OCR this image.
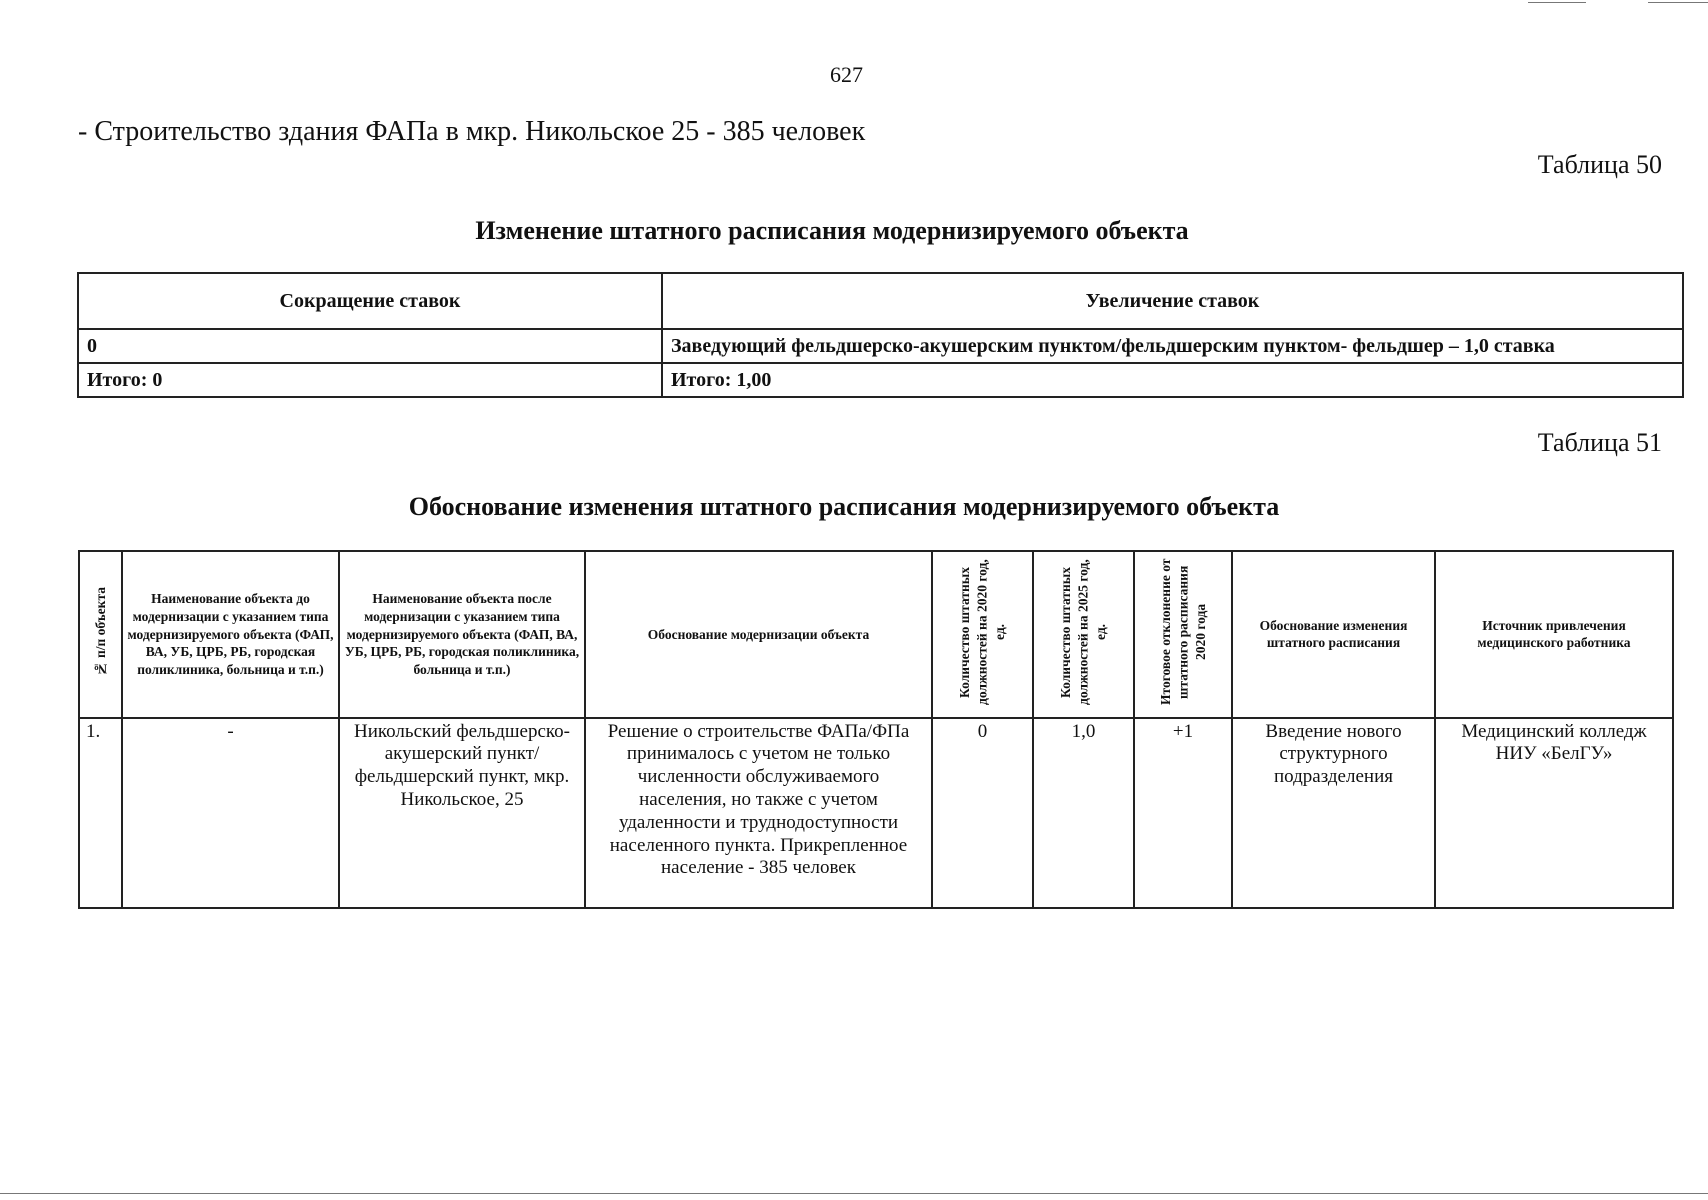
627
- Строительство здания ФАПа в мкр. Никольское 25 - 385 человек
Таблица 50
Изменение штатного расписания модернизируемого объекта
Сокращение ставок	Увеличение ставок
0	Заведующий фельдшерско-акушерским пунктом/фельдшерским пунктом- фельдшер – 1,0 ставка
Итого: 0	Итого: 1,00
Таблица 51
Обоснование изменения штатного расписания модернизируемого объекта
№ п/п объекта	Наименование объекта до модернизации с указанием типа модернизируемого объекта (ФАП, ВА, УБ, ЦРБ, РБ, городская поликлиника, больница и т.п.)	Наименование объекта после модернизации с указанием типа модернизируемого объекта (ФАП, ВА, УБ, ЦРБ, РБ, городская поликлиника, больница и т.п.)	Обоснование модернизации объекта	Количество штатных должностей на 2020 год, ед.	Количество штатных должностей на 2025 год, ед.	Итоговое отклонение от штатного расписания 2020 года	Обоснование изменения штатного расписания	Источник привлечения медицинского работника
1.	-	Никольский фельдшерско-акушерский пункт/фельдшерский пункт, мкр. Никольское, 25	Решение о строительстве ФАПа/ФПа принималось с учетом не только численности обслуживаемого населения, но также с учетом удаленности и труднодоступности населенного пункта. Прикрепленное население - 385 человек	0	1,0	+1	Введение нового структурного подразделения	Медицинский колледж НИУ «БелГУ»
